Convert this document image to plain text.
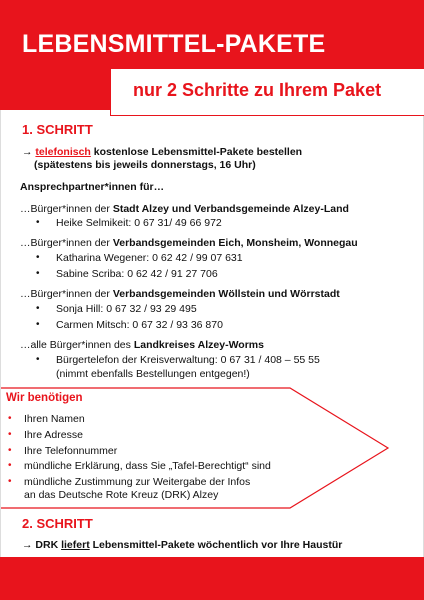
LEBENSMITTEL-PAKETE
nur 2 Schritte zu Ihrem Paket
1. SCHRITT
→ telefonisch kostenlose Lebensmittel-Pakete bestellen
(spätestens bis jeweils donnerstags, 16 Uhr)
Ansprechpartner*innen für…
…Bürger*innen der Stadt Alzey und Verbandsgemeinde Alzey-Land
• Heike Selmikeit: 0 67 31/ 49 66 972
…Bürger*innen der Verbandsgemeinden Eich, Monsheim, Wonnegau
• Katharina Wegener: 0 62 42 / 99 07 631
• Sabine Scriba: 0 62 42 / 91 27 706
…Bürger*innen der Verbandsgemeinden Wöllstein und Wörrstadt
• Sonja Hill: 0 67 32 / 93 29 495
• Carmen Mitsch: 0 67 32 / 93 36 870
…alle Bürger*innen des Landkreises Alzey-Worms
• Bürgertelefon der Kreisverwaltung: 0 67 31 / 408 – 55 55
(nimmt ebenfalls Bestellungen entgegen!)
Wir benötigen
• Ihren Namen
• Ihre Adresse
• Ihre Telefonnummer
• mündliche Erklärung, dass Sie „Tafel-Berechtigt“ sind
• mündliche Zustimmung zur Weitergabe der Infos
an das Deutsche Rote Kreuz (DRK) Alzey
2. SCHRITT
→ DRK liefert Lebensmittel-Pakete wöchentlich vor Ihre Haustür
